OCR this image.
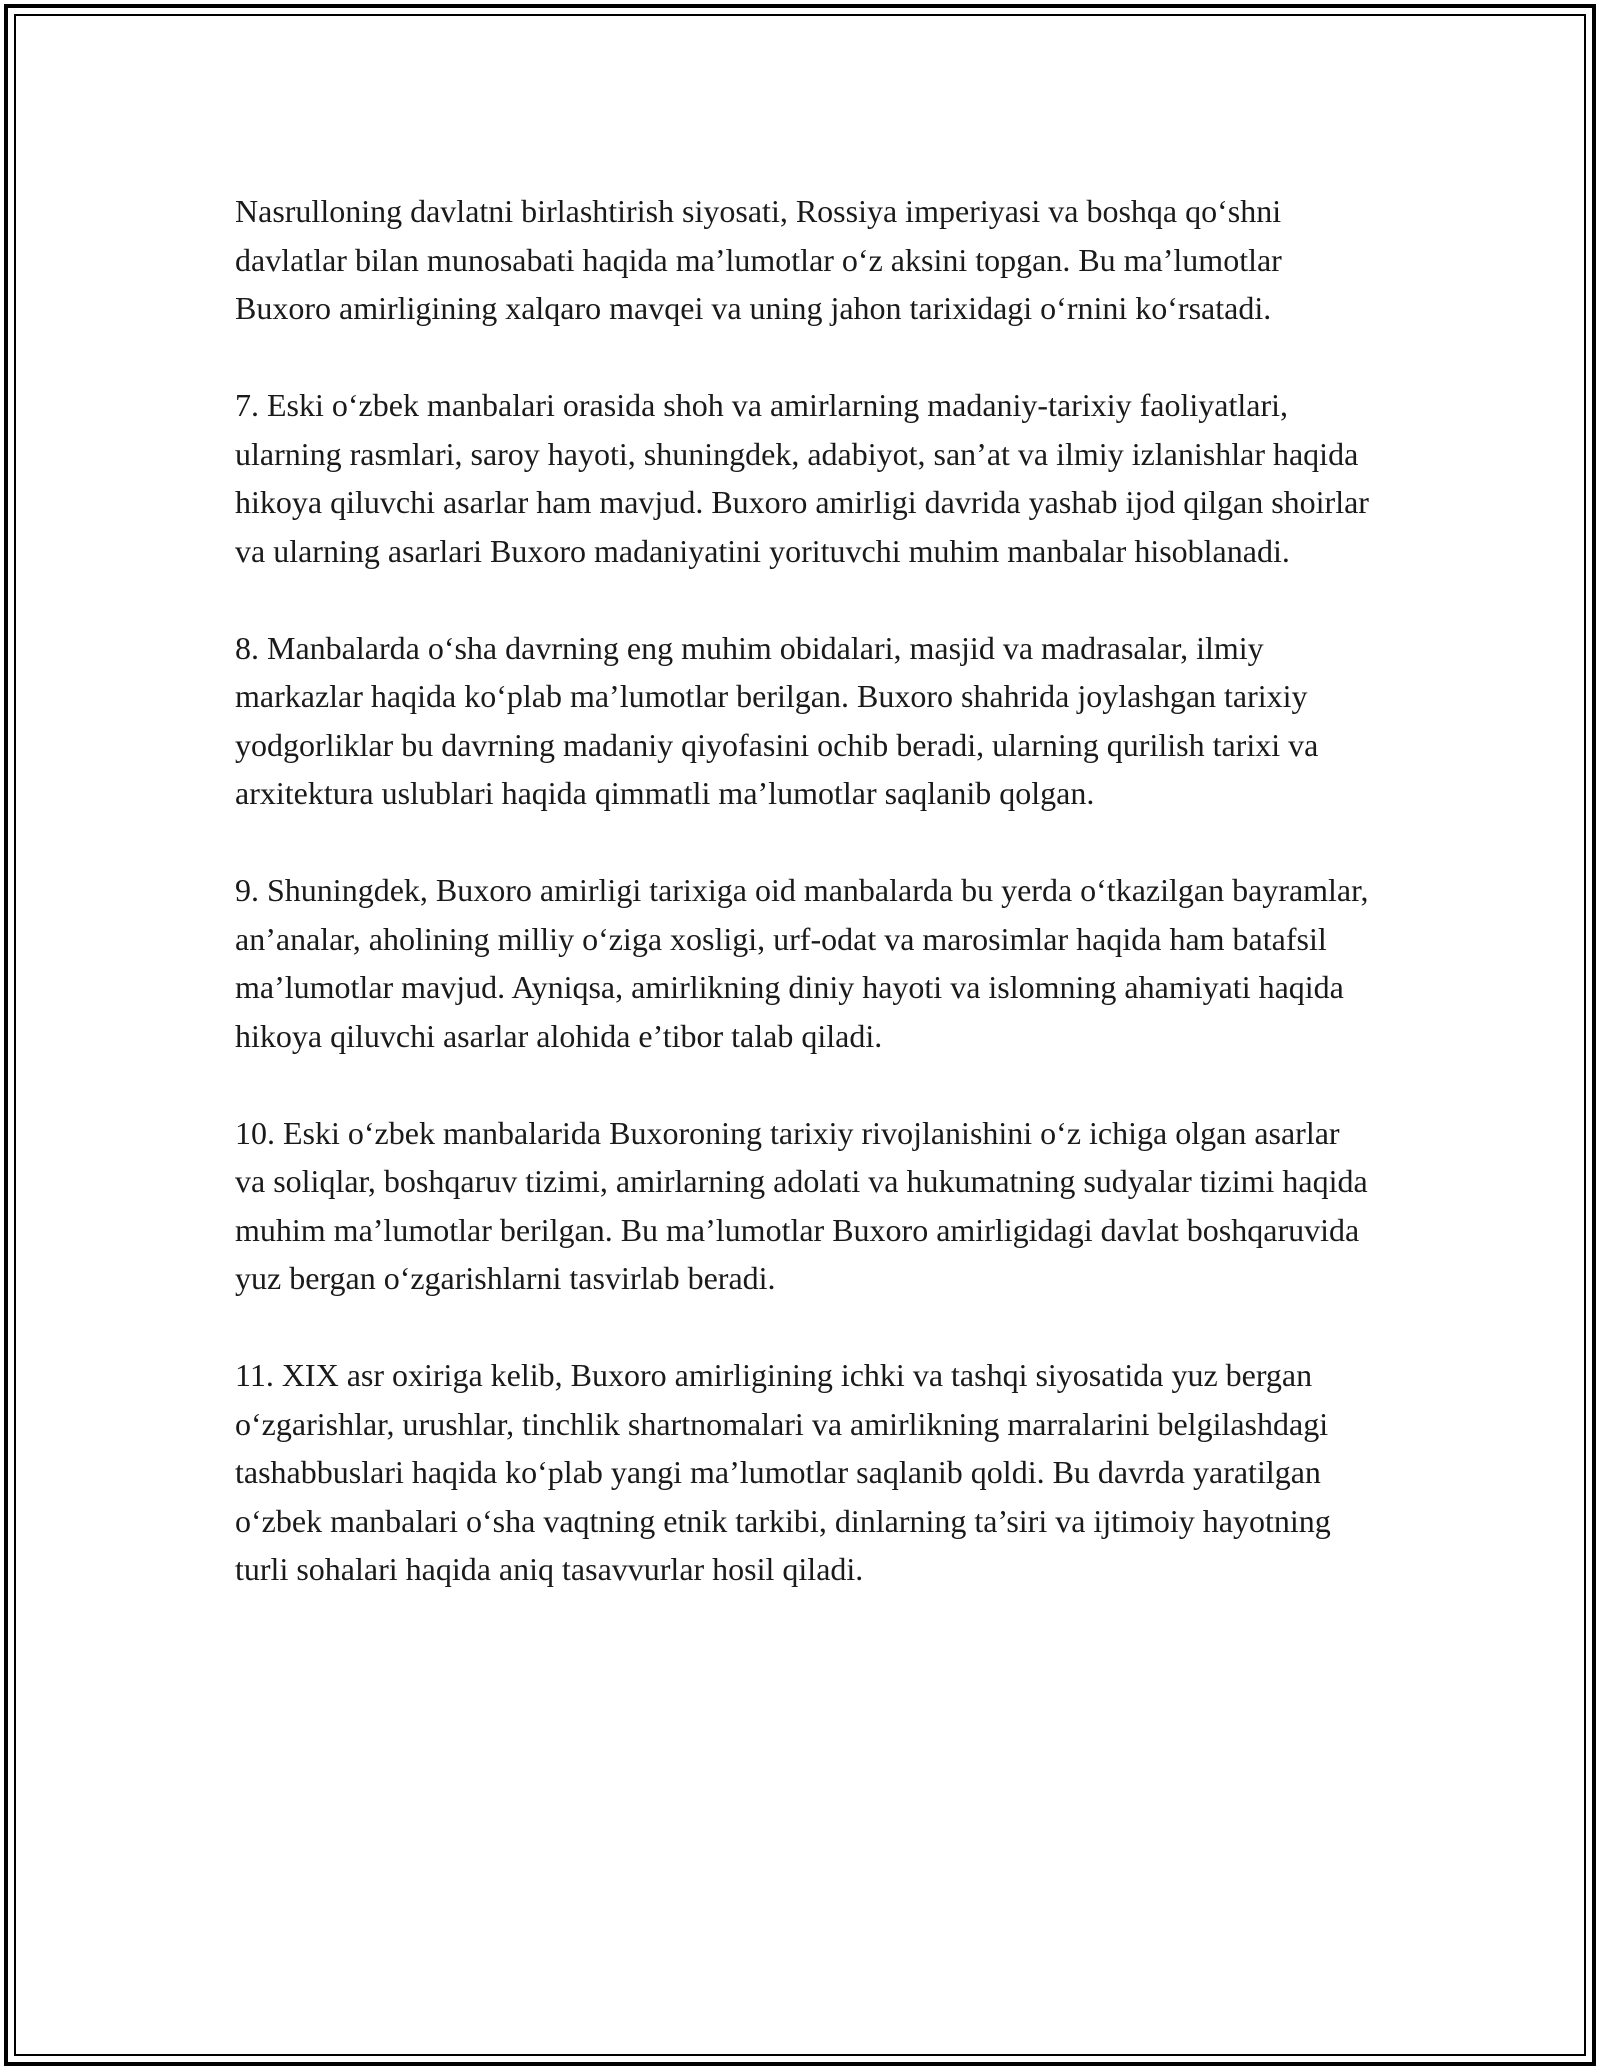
Nasrulloning davlatni birlashtirish siyosati, Rossiya imperiyasi va boshqa qo‘shni davlatlar bilan munosabati haqida ma’lumotlar o‘z aksini topgan. Bu ma’lumotlar Buxoro amirligining xalqaro mavqei va uning jahon tarixidagi o‘rnini ko‘rsatadi.

7. Eski o‘zbek manbalari orasida shoh va amirlarning madaniy-tarixiy faoliyatlari, ularning rasmlari, saroy hayoti, shuningdek, adabiyot, san’at va ilmiy izlanishlar haqida hikoya qiluvchi asarlar ham mavjud. Buxoro amirligi davrida yashab ijod qilgan shoirlar va ularning asarlari Buxoro madaniyatini yorituvchi muhim manbalar hisoblanadi.

8. Manbalarda o‘sha davrning eng muhim obidalari, masjid va madrasalar, ilmiy markazlar haqida ko‘plab ma’lumotlar berilgan. Buxoro shahrida joylashgan tarixiy yodgorliklar bu davrning madaniy qiyofasini ochib beradi, ularning qurilish tarixi va arxitektura uslublari haqida qimmatli ma’lumotlar saqlanib qolgan.

9. Shuningdek, Buxoro amirligi tarixiga oid manbalarda bu yerda o‘tkazilgan bayramlar, an’analar, aholining milliy o‘ziga xosligi, urf-odat va marosimlar haqida ham batafsil ma’lumotlar mavjud. Ayniqsa, amirlikning diniy hayoti va islomning ahamiyati haqida hikoya qiluvchi asarlar alohida e’tibor talab qiladi.

10. Eski o‘zbek manbalarida Buxoroning tarixiy rivojlanishini o‘z ichiga olgan asarlar va soliqlar, boshqaruv tizimi, amirlarning adolati va hukumatning sudyalar tizimi haqida muhim ma’lumotlar berilgan. Bu ma’lumotlar Buxoro amirligidagi davlat boshqaruvida yuz bergan o‘zgarishlarni tasvirlab beradi.

11. XIX asr oxiriga kelib, Buxoro amirligining ichki va tashqi siyosatida yuz bergan o‘zgarishlar, urushlar, tinchlik shartnomalari va amirlikning marralarini belgilashdagi tashabbuslari haqida ko‘plab yangi ma’lumotlar saqlanib qoldi. Bu davrda yaratilgan o‘zbek manbalari o‘sha vaqtning etnik tarkibi, dinlarning ta’siri va ijtimoiy hayotning turli sohalari haqida aniq tasavvurlar hosil qiladi.
